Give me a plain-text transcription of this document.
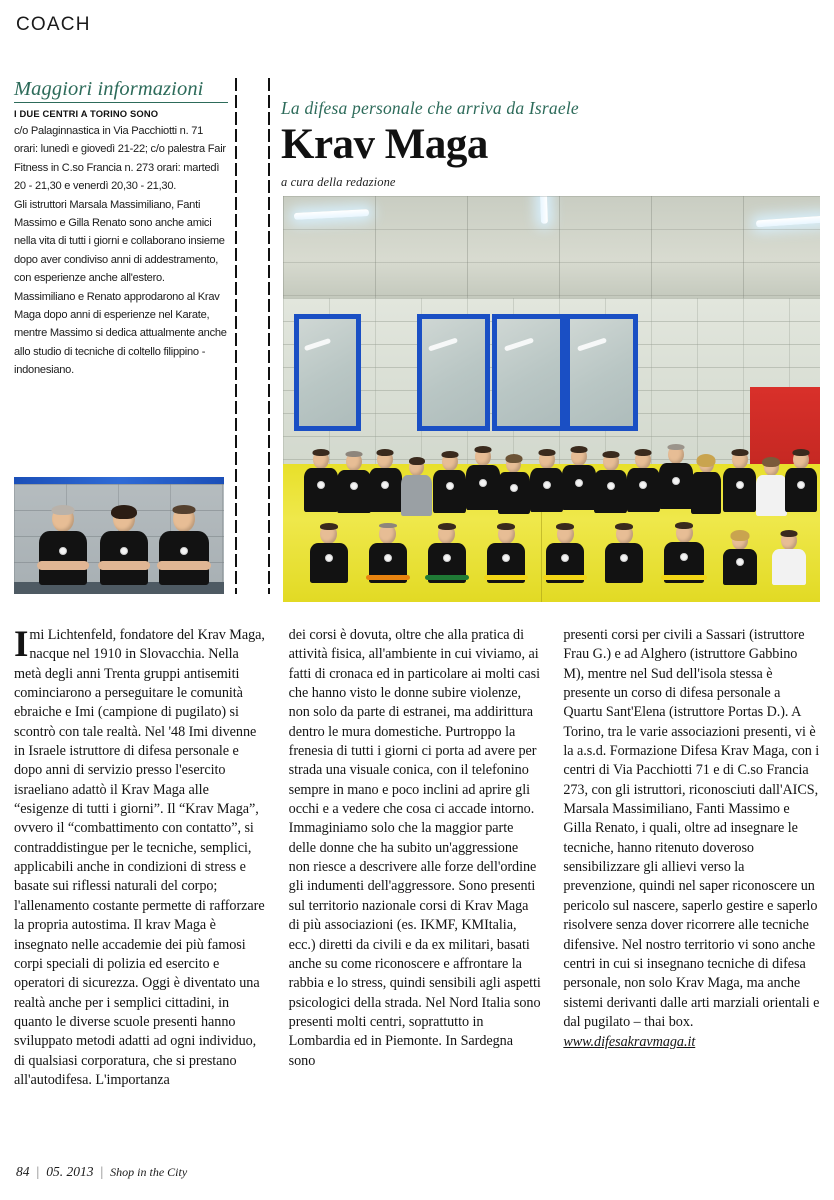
COACH
Maggiori informazioni
I DUE CENTRI A TORINO SONO

c/o Palaginnastica in Via Pacchiotti n. 71 orari: lunedì e giovedì 21-22; c/o palestra Fair Fitness in C.so Francia n. 273 orari: martedì 20 - 21,30 e venerdì 20,30 - 21,30.

Gli istruttori Marsala Massimiliano, Fanti Massimo e Gilla Renato sono anche amici nella vita di tutti i giorni e collaborano insieme dopo aver condiviso anni di addestramento, con esperienze anche all'estero. Massimiliano e Renato approdarono al Krav Maga dopo anni di esperienze nel Karate, mentre Massimo si dedica attualmente anche allo studio di tecniche di coltello filippino - indonesiano.

La difesa personale che arriva da Israele
Krav Maga
a cura della redazione

Imi Lichtenfeld, fondatore del Krav Maga, nacque nel 1910 in Slovacchia. Nella metà degli anni Trenta gruppi antisemiti cominciarono a perseguitare le comunità ebraiche e Imi (campione di pugilato) si scontrò con tale realtà. Nel '48 Imi divenne in Israele istruttore di difesa personale e dopo anni di servizio presso l'esercito israeliano adattò il Krav Maga alle “esigenze di tutti i giorni”. Il “Krav Maga”, ovvero il “combattimento con contatto”, si contraddistingue per le tecniche, semplici, applicabili anche in condizioni di stress e basate sui riflessi naturali del corpo; l'allenamento costante permette di rafforzare la propria autostima. Il krav Maga è insegnato nelle accademie dei più famosi corpi speciali di polizia ed esercito e operatori di sicurezza. Oggi è diventato una realtà anche per i semplici cittadini, in quanto le diverse scuole presenti hanno sviluppato metodi adatti ad ogni individuo, di qualsiasi corporatura, che si prestano all'autodifesa. L'importanza

dei corsi è dovuta, oltre che alla pratica di attività fisica, all'ambiente in cui viviamo, ai fatti di cronaca ed in particolare ai molti casi che hanno visto le donne subire violenze, non solo da parte di estranei, ma addirittura dentro le mura domestiche. Purtroppo la frenesia di tutti i giorni ci porta ad avere per strada una visuale conica, con il telefonino sempre in mano e poco inclini ad aprire gli occhi e a vedere che cosa ci accade intorno. Immaginiamo solo che la maggior parte delle donne che ha subito un'aggressione non riesce a descrivere alle forze dell'ordine gli indumenti dell'aggressore. Sono presenti sul territorio nazionale corsi di Krav Maga di più associazioni (es. IKMF, KMItalia, ecc.) diretti da civili e da ex militari, basati anche su come riconoscere e affrontare la rabbia e lo stress, quindi sensibili agli aspetti psicologici della strada. Nel Nord Italia sono presenti molti centri, soprattutto in Lombardia ed in Piemonte. In Sardegna sono

presenti corsi per civili a Sassari (istruttore Frau G.) e ad Alghero (istruttore Gabbino M), mentre nel Sud dell'isola stessa è presente un corso di difesa personale a Quartu Sant'Elena (istruttore Portas D.). A Torino, tra le varie associazioni presenti, vi è la a.s.d. Formazione Difesa Krav Maga, con i centri di Via Pacchiotti 71 e di C.so Francia 273, con gli istruttori, riconosciuti dall'AICS, Marsala Massimiliano, Fanti Massimo e Gilla Renato, i quali, oltre ad insegnare le tecniche, hanno ritenuto doveroso sensibilizzare gli allievi verso la prevenzione, quindi nel saper riconoscere un pericolo sul nascere, saperlo gestire e saperlo risolvere senza dover ricorrere alle tecniche difensive. Nel nostro territorio vi sono anche centri in cui si insegnano tecniche di difesa personale, non solo Krav Maga, ma anche sistemi derivanti dalle arti marziali orientali e dal pugilato – thai box.

www.difesakravmaga.it
84 | 05. 2013 | Shop in the City
